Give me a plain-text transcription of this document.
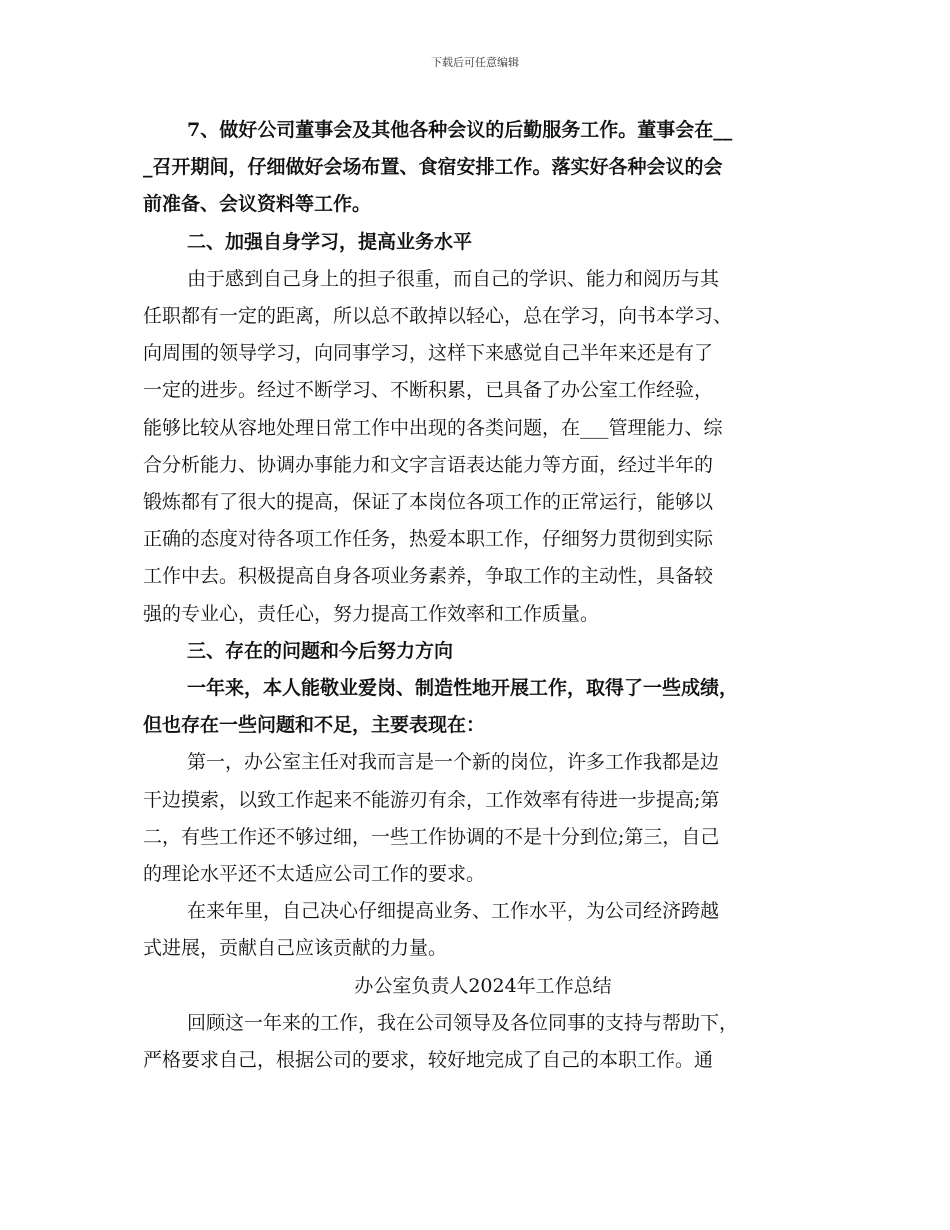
下载后可任意编辑

7、做好公司董事会及其他各种会议的后勤服务工作。董事会在__
_召开期间，仔细做好会场布置、食宿安排工作。落实好各种会议的会
前准备、会议资料等工作。

二、加强自身学习，提高业务水平

由于感到自己身上的担子很重，而自己的学识、能力和阅历与其
任职都有一定的距离，所以总不敢掉以轻心，总在学习，向书本学习、
向周围的领导学习，向同事学习，这样下来感觉自己半年来还是有了
一定的进步。经过不断学习、不断积累，已具备了办公室工作经验，
能够比较从容地处理日常工作中出现的各类问题，在___管理能力、综
合分析能力、协调办事能力和文字言语表达能力等方面，经过半年的
锻炼都有了很大的提高，保证了本岗位各项工作的正常运行，能够以
正确的态度对待各项工作任务，热爱本职工作，仔细努力贯彻到实际
工作中去。积极提高自身各项业务素养，争取工作的主动性，具备较
强的专业心，责任心，努力提高工作效率和工作质量。

三、存在的问题和今后努力方向

一年来，本人能敬业爱岗、制造性地开展工作，取得了一些成绩，
但也存在一些问题和不足，主要表现在：

第一，办公室主任对我而言是一个新的岗位，许多工作我都是边
干边摸索，以致工作起来不能游刃有余，工作效率有待进一步提高;第
二，有些工作还不够过细，一些工作协调的不是十分到位;第三，自己
的理论水平还不太适应公司工作的要求。

在来年里，自己决心仔细提高业务、工作水平，为公司经济跨越
式进展，贡献自己应该贡献的力量。

办公室负责人2024年工作总结

回顾这一年来的工作，我在公司领导及各位同事的支持与帮助下，
严格要求自己，根据公司的要求，较好地完成了自己的本职工作。通
